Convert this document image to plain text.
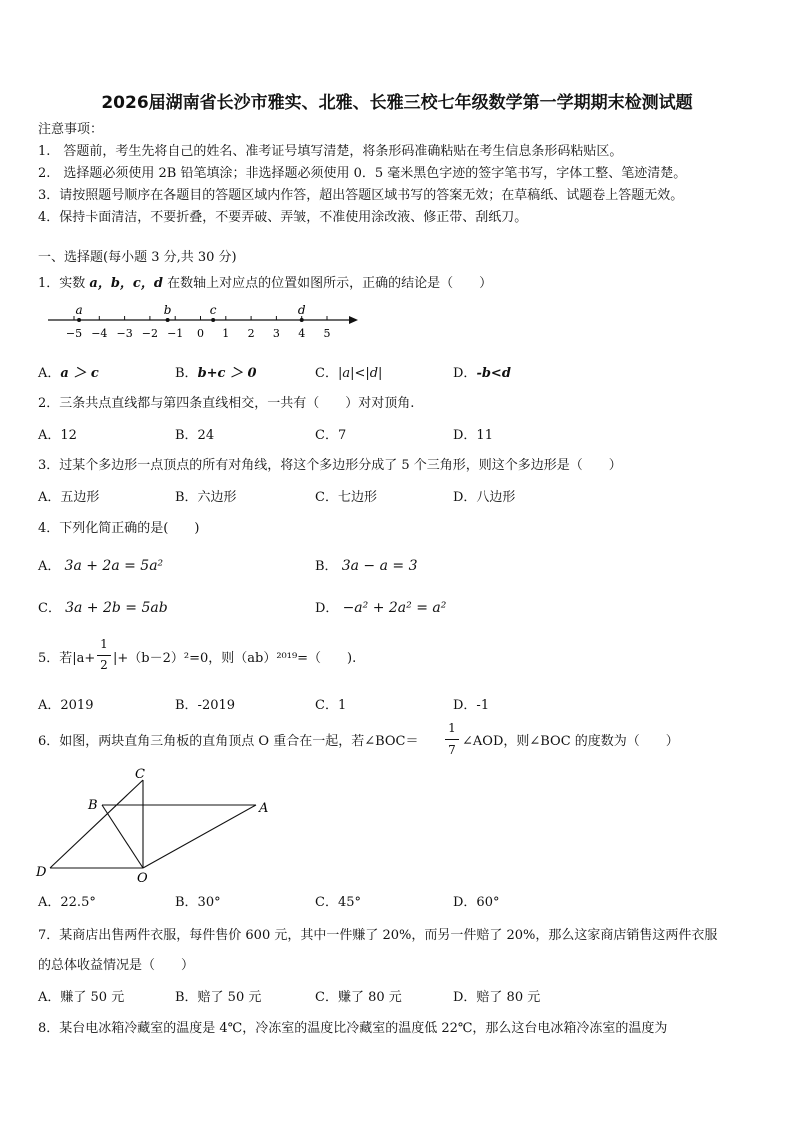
2026届湖南省长沙市雅实、北雅、长雅三校七年级数学第一学期期末检测试题
注意事项：
1.　答题前，考生先将自己的姓名、准考证号填写清楚，将条形码准确粘贴在考生信息条形码粘贴区。
2.　选择题必须使用 2B 铅笔填涂；非选择题必须使用 0．5 毫米黑色字迹的签字笔书写，字体工整、笔迹清楚。
3．请按照题号顺序在各题目的答题区域内作答，超出答题区域书写的答案无效；在草稿纸、试题卷上答题无效。
4．保持卡面清洁，不要折叠，不要弄破、弄皱，不准使用涂改液、修正带、刮纸刀。
一、选择题(每小题 3 分,共 30 分)
1．实数 a，b，c，d 在数轴上对应点的位置如图所示，正确的结论是（　　）
−5 −4 −3 −2 −1 0 1 2 3 4 5
a	b	c	d
A．a ＞ c	B．b+c ＞ 0	C．|a|<|d|	D．-b<d
2．三条共点直线都与第四条直线相交，一共有（　　）对对顶角.
A．12	B．24	C．7	D．11
3．过某个多边形一点顶点的所有对角线，将这个多边形分成了 5 个三角形，则这个多边形是（　　）
A．五边形	B．六边形	C．七边形	D．八边形
4．下列化简正确的是(　　)
A． 3a + 2a = 5a²	B． 3a − a = 3
C． 3a + 2b = 5ab	D． −a² + 2a² = a²
5．若|a+
1
2 |+（b－2）²=0，则（ab）²⁰¹⁹=（　　).
A．2019	B．-2019	C．1	D．-1
6．如图，两块直角三角板的直角顶点 O 重合在一起，若∠BOC＝
1
7
∠AOD，则∠BOC 的度数为（　　）
C
B	A
D	O
A．22.5°	B．30°	C．45°	D．60°
7．某商店出售两件衣服，每件售价 600 元，其中一件赚了 20%，而另一件赔了 20%，那么这家商店销售这两件衣服
的总体收益情况是（　　）
A．赚了 50 元	B．赔了 50 元	C．赚了 80 元	D．赔了 80 元
8．某台电冰箱冷藏室的温度是 4℃，冷冻室的温度比冷藏室的温度低 22℃，那么这台电冰箱冷冻室的温度为
